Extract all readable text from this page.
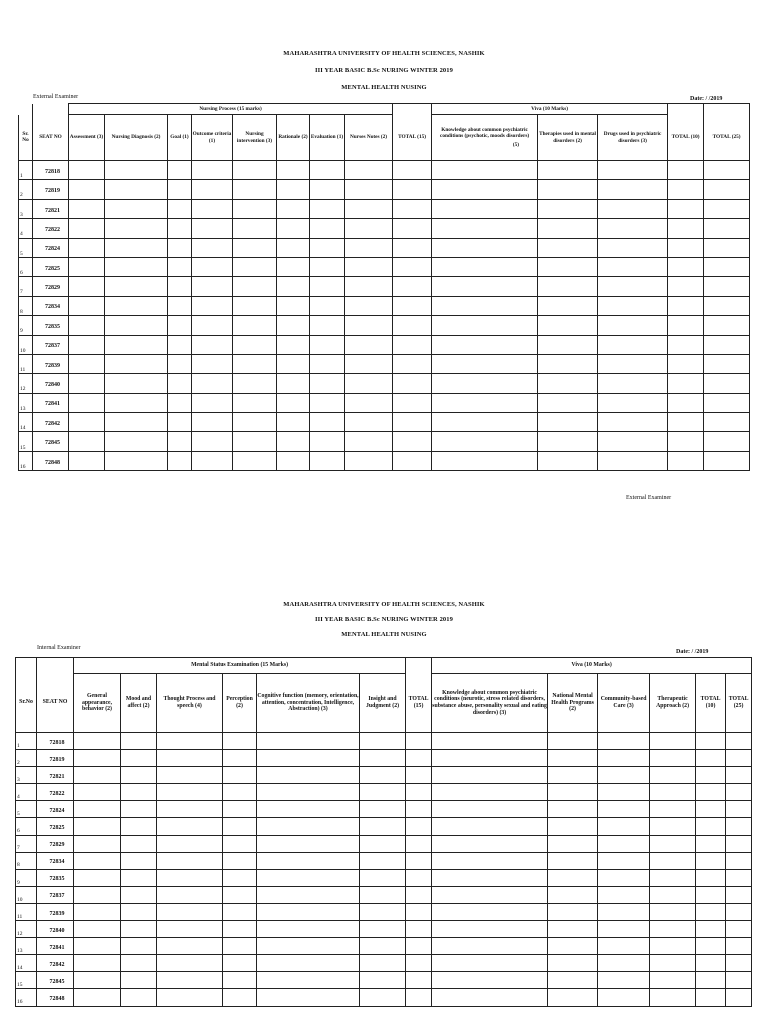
MAHARASHTRA UNIVERSITY OF HEALTH SCIENCES, NASHIK
III YEAR BASIC B.Sc NURING WINTER 2019
MENTAL HEALTH NUSING
External Examiner	Date: / /2019
		Nursing Process (15 marks)									Viva (10 Marks)				
Sr. No	SEAT NO	Assessment (3)	Nursing Diagnosis (2)	Goal (1)	Outcome criteria (1)	Nursing intervention (3)	Rationale (2)	Evaluation (1)	Nurses Notes (2)	TOTAL (15)	Knowledge about common psychiatric conditions (psychotic, moods disorders)
(5)	Therapies used in mental disorders (2)	Drugs used in psychiatric disorders (3)	TOTAL (10)	TOTAL (25)

1	72818														

2	72819														

3	72821														

4	72822														

5	72824														

6	72825														

7	72829														

8	72834														

9	72835														

10	72837														

11	72839														

12	72840														

13	72841														

14	72842														

15	72845														

16	72848														
External Examiner
MAHARASHTRA UNIVERSITY OF HEALTH SCIENCES, NASHIK
III YEAR BASIC B.Sc NURING WINTER 2019
MENTAL HEALTH NUSING
Internal Examiner
Date: / /2019
		Mental Status Examination (15 Marks)							Viva (10 Marks)					
Sr.No	SEAT NO	General appearance, behavior (2)	Mood and affect (2)	Thought Process and speech (4)	Perception (2)	Cognitive function (memory, orientation, attention, concentration, Intelligence, Abstraction) (3)	Insight and Judgment (2)	TOTAL (15)	Knowledge about common psychiatric conditions (neurotic, stress related disorders, substance abuse, personality sexual and eating disorders) (3)	National Mental Health Programs (2)	Community-based Care (3)	Therapeutic Approach (2)	TOTAL (10)	TOTAL (25)

1	72818													

2	72819													

3	72821													

4	72822													

5	72824													

6	72825													

7	72829													

8	72834													

9	72835													

10	72837													

11	72839													

12	72840													

13	72841													

14	72842													

15	72845													

16	72848													
